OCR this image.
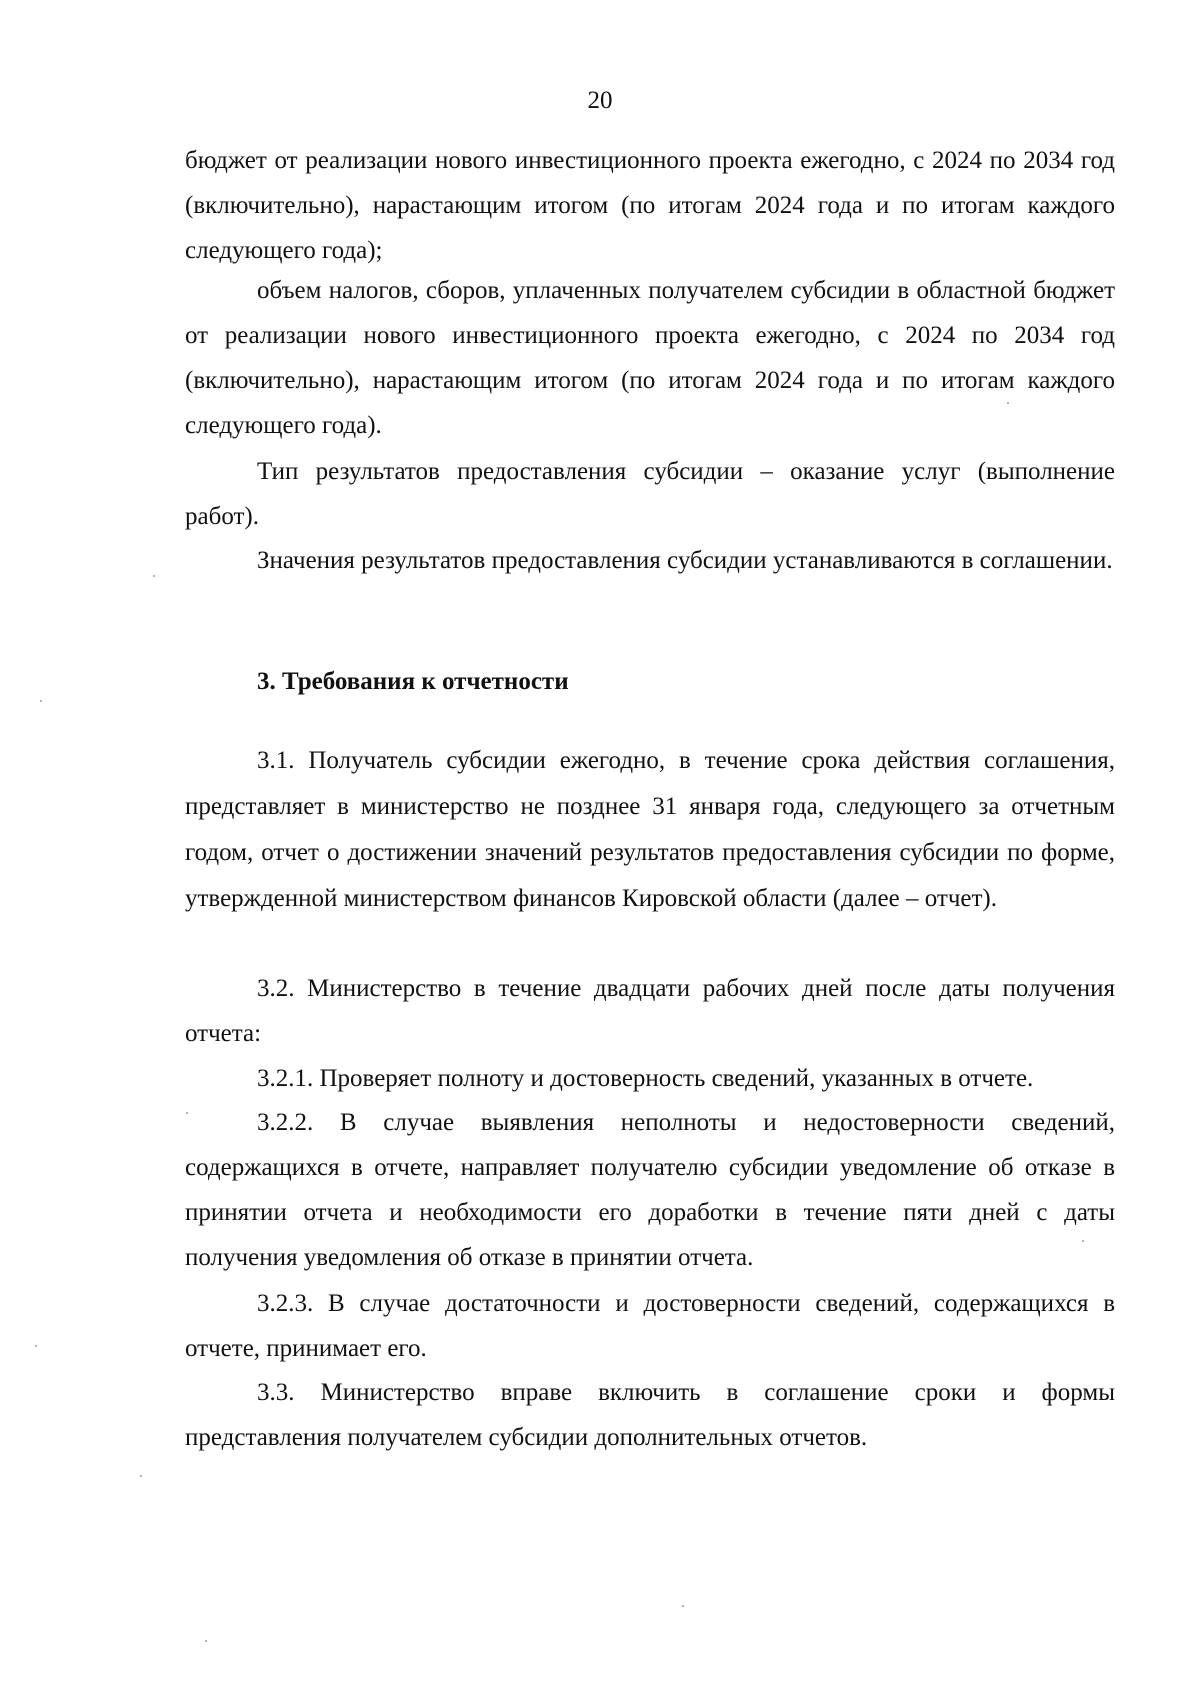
20

бюджет от реализации нового инвестиционного проекта ежегодно, с 2024 по 2034 год (включительно), нарастающим итогом (по итогам 2024 года и по итогам каждого следующего года);

объем налогов, сборов, уплаченных получателем субсидии в областной бюджет от реализации нового инвестиционного проекта ежегодно, с 2024 по 2034 год (включительно), нарастающим итогом (по итогам 2024 года и по итогам каждого следующего года).

Тип результатов предоставления субсидии – оказание услуг (выполнение работ).

Значения результатов предоставления субсидии устанавливаются в соглашении.

3. Требования к отчетности

3.1. Получатель субсидии ежегодно, в течение срока действия соглашения, представляет в министерство не позднее 31 января года, следующего за отчетным годом, отчет о достижении значений результатов предоставления субсидии по форме, утвержденной министерством финансов Кировской области (далее – отчет).

3.2. Министерство в течение двадцати рабочих дней после даты получения отчета:

3.2.1. Проверяет полноту и достоверность сведений, указанных в отчете.

3.2.2. В случае выявления неполноты и недостоверности сведений, содержащихся в отчете, направляет получателю субсидии уведомление об отказе в принятии отчета и необходимости его доработки в течение пяти дней с даты получения уведомления об отказе в принятии отчета.

3.2.3. В случае достаточности и достоверности сведений, содержащихся в отчете, принимает его.

3.3. Министерство вправе включить в соглашение сроки и формы представления получателем субсидии дополнительных отчетов.
